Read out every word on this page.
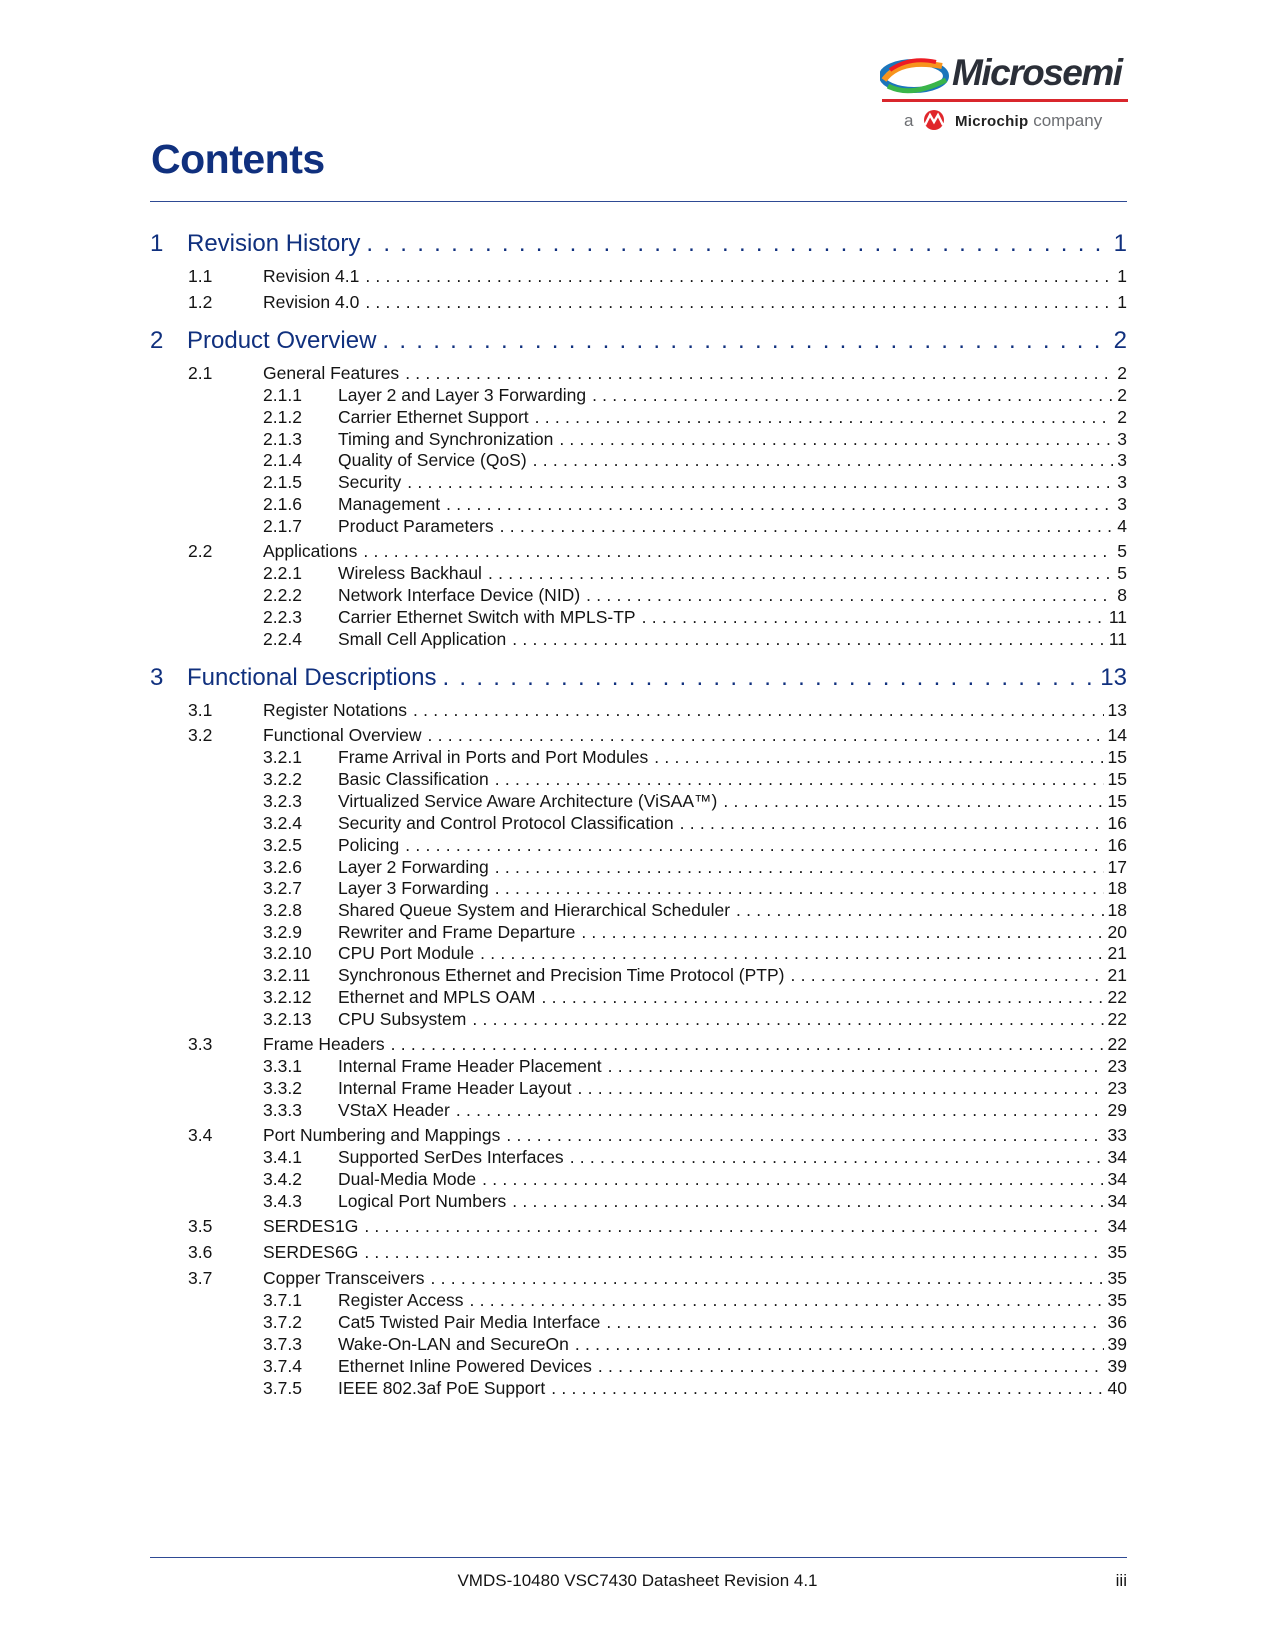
Microsemi
a	Microchip company
Contents
1 Revision History . . .	1
1.1	Revision 4.1 . . .	1
1.2	Revision 4.0 . . .	1
2 Product Overview . . .	2
2.1	General Features . . .	2
2.1.1	Layer 2 and Layer 3 Forwarding . . .	2
2.1.2	Carrier Ethernet Support . . .	2
2.1.3	Timing and Synchronization . . .	3
2.1.4	Quality of Service (QoS) . . .	3
2.1.5	Security . . .	3
2.1.6	Management . . .	3
2.1.7	Product Parameters . . .	4
2.2	Applications . . .	5
2.2.1	Wireless Backhaul . . .	5
2.2.2	Network Interface Device (NID) . . .	8
2.2.3	Carrier Ethernet Switch with MPLS-TP . . .	11
2.2.4	Small Cell Application . . .	11
3 Functional Descriptions . . .	13
3.1	Register Notations . . .	13
3.2	Functional Overview . . .	14
3.2.1	Frame Arrival in Ports and Port Modules . . .	15
3.2.2	Basic Classification . . .	15
3.2.3	Virtualized Service Aware Architecture (ViSAA™) . . .	15
3.2.4	Security and Control Protocol Classification . . .	16
3.2.5	Policing . . .	16
3.2.6	Layer 2 Forwarding . . .	17
3.2.7	Layer 3 Forwarding . . .	18
3.2.8	Shared Queue System and Hierarchical Scheduler . . .	18
3.2.9	Rewriter and Frame Departure . . .	20
3.2.10	CPU Port Module . . .	21
3.2.11	Synchronous Ethernet and Precision Time Protocol (PTP) . . .	21
3.2.12	Ethernet and MPLS OAM . . .	22
3.2.13	CPU Subsystem . . .	22
3.3	Frame Headers . . .	22
3.3.1	Internal Frame Header Placement . . .	23
3.3.2	Internal Frame Header Layout . . .	23
3.3.3	VStaX Header . . .	29
3.4	Port Numbering and Mappings . . .	33
3.4.1	Supported SerDes Interfaces . . .	34
3.4.2	Dual-Media Mode . . .	34
3.4.3	Logical Port Numbers . . .	34
3.5	SERDES1G . . .	34
3.6	SERDES6G . . .	35
3.7	Copper Transceivers . . .	35
3.7.1	Register Access . . .	35
3.7.2	Cat5 Twisted Pair Media Interface . . .	36
3.7.3	Wake-On-LAN and SecureOn . . .	39
3.7.4	Ethernet Inline Powered Devices . . .	39
3.7.5	IEEE 802.3af PoE Support . . .	40
VMDS-10480 VSC7430 Datasheet Revision 4.1	iii
